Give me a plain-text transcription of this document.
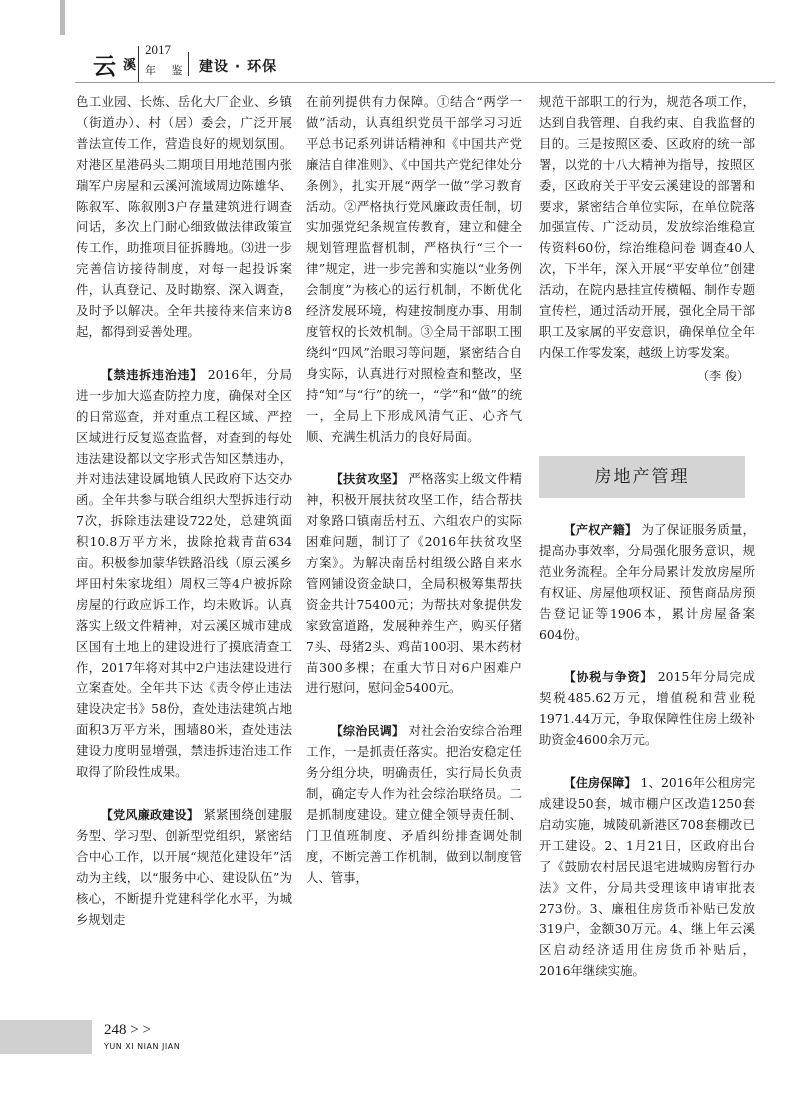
云 溪
2017
年 鉴 建设 · 环保

色工业园、长炼、岳化大厂企业、乡镇（街道办）、村（居）委会，广泛开展普法宣传工作，营造良好的规划氛围。对港区星港码头二期项目用地范围内张瑞军户房屋和云溪河流域周边陈雄华、陈叙军、陈叙刚3户存量建筑进行调查问话，多次上门耐心细致做法律政策宣传工作，助推项目征拆腾地。⑶进一步完善信访接待制度，对每一起投诉案件，认真登记、及时勘察、深入调查，及时予以解决。全年共接待来信来访8起，都得到妥善处理。

【禁违拆违治违】 2016年，分局进一步加大巡查防控力度，确保对全区的日常巡查，并对重点工程区域、严控区域进行反复巡查监督，对查到的每处违法建设都以文字形式告知区禁违办，并对违法建设属地镇人民政府下达交办函。全年共参与联合组织大型拆违行动7次，拆除违法建设722处，总建筑面积10.8万平方米，拔除抢栽青苗634亩。积极参加蒙华铁路沿线（原云溪乡坪田村朱家垅组）周权三等4户被拆除房屋的行政应诉工作，均未败诉。认真落实上级文件精神，对云溪区城市建成区国有土地上的建设进行了摸底清查工作，2017年将对其中2户违法建设进行立案查处。全年共下达《责令停止违法建设决定书》58份，查处违法建筑占地面积3万平方米，围墙80米，查处违法建设力度明显增强，禁违拆违治违工作取得了阶段性成果。

【党风廉政建设】 紧紧围绕创建服务型、学习型、创新型党组织，紧密结合中心工作，以开展“规范化建设年”活动为主线，以“服务中心、建设队伍”为核心，不断提升党建科学化水平，为城乡规划走

在前列提供有力保障。①结合“两学一做”活动，认真组织党员干部学习习近平总书记系列讲话精神和《中国共产党廉洁自律准则》、《中国共产党纪律处分条例》，扎实开展“两学一做”学习教育活动。②严格执行党风廉政责任制，切实加强党纪条规宣传教育，建立和健全规划管理监督机制，严格执行“三个一律”规定，进一步完善和实施以“业务例会制度”为核心的运行机制，不断优化经济发展环境，构建按制度办事、用制度管权的长效机制。③全局干部职工围绕纠“四风”治眼习等问题，紧密结合自身实际，认真进行对照检查和整改，坚持“知”与“行”的统一，“学”和“做”的统一，全局上下形成风清气正、心齐气顺、充满生机活力的良好局面。

【扶贫攻坚】 严格落实上级文件精神，积极开展扶贫攻坚工作，结合帮扶对象路口镇南岳村五、六组农户的实际困难问题，制订了《2016年扶贫攻坚方案》。为解决南岳村组级公路自来水管网铺设资金缺口，全局积极筹集帮扶资金共计75400元；为帮扶对象提供发家致富道路，发展种养生产，购买仔猪7头、母猪2头、鸡苗100羽、果木药材苗300多棵；在重大节日对6户困难户进行慰问，慰问金5400元。

【综治民调】 对社会治安综合治理工作，一是抓责任落实。把治安稳定任务分组分块，明确责任，实行局长负责制，确定专人作为社会综治联络员。二是抓制度建设。建立健全领导责任制、门卫值班制度、矛盾纠纷排查调处制度，不断完善工作机制，做到以制度管人、管事，

规范干部职工的行为，规范各项工作，达到自我管理、自我约束、自我监督的目的。三是按照区委、区政府的统一部署，以党的十八大精神为指导，按照区委，区政府关于平安云溪建设的部署和要求，紧密结合单位实际，在单位院落加强宣传、广泛动员，发放综治维稳宣传资料60份，综治维稳问卷 调查40人次，下半年，深入开展“平安单位”创建活动，在院内悬挂宣传横幅、制作专题宣传栏，通过活动开展，强化全局干部职工及家属的平安意识，确保单位全年内保工作零发案，越级上访零发案。

（李 俊）
房地产管理

【产权产籍】 为了保证服务质量，提高办事效率，分局强化服务意识，规范业务流程。全年分局累计发放房屋所有权证、房屋他项权证、预售商品房预告登记证等1906本，累计房屋备案604份。

【协税与争资】 2015年分局完成契税485.62万元，增值税和营业税1971.44万元，争取保障性住房上级补助资金4600余万元。

【住房保障】 1、2016年公租房完成建设50套，城市棚户区改造1250套启动实施，城陵矶新港区708套棚改已开工建设。2、1月21日，区政府出台了《鼓励农村居民退宅进城购房暂行办法》文件，分局共受理该申请审批表273份。3、廉租住房货币补贴已发放319户，金额30万元。4、继上年云溪区启动经济适用住房货币补贴后，2016年继续实施。

248 > >
YUN XI NIAN JIAN
